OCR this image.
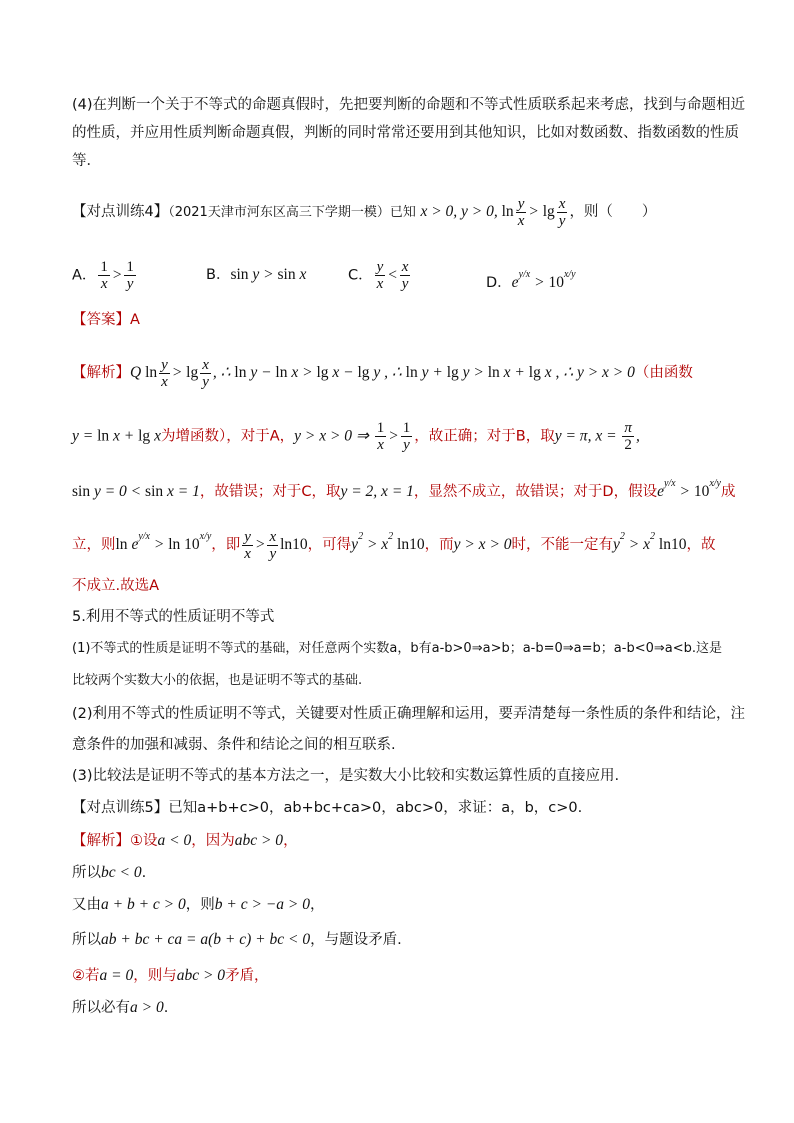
(4)在判断一个关于不等式的命题真假时，先把要判断的命题和不等式性质联系起来考虑，找到与命题相近
的性质，并应用性质判断命题真假，判断的同时常常还要用到其他知识，比如对数函数、指数函数的性质
等．
【对点训练4】（2021天津市河东区高三下学期一模）已知 x > 0, y > 0, $\ln \frac{y}{x} > \lg \frac{x}{y}$ ，则（　　）
A． $\frac{1}{x} > \frac{1}{y}$	B．sin y > sin x	C． $\frac{y}{x} < \frac{x}{y}$	D．$e^{y/x} > 10^{x/y}$
【答案】A
【解析】Q $\ln \frac{y}{x} > \lg \frac{x}{y}$ , ∴ ln y − ln x > lg x − lg y , ∴ ln y + lg y > ln x + lg x , ∴ y > x > 0（由函数
y = ln x + lg x为增函数），对于A，y > x > 0 ⇒ $\frac{1}{x} > \frac{1}{y}$ ，故正确；对于B，取y = π, $x = \frac{\pi}{2}$ ,
sin y = 0 < sin x = 1，故错误；对于C，取y = 2, x = 1，显然不成立，故错误；对于D，假设$e^{y/x} > 10^{x/y}$成
立，则$\ln e^{y/x} > \ln 10^{x/y}$，即 $\frac{y}{x} > \frac{x}{y} \ln 10$，可得$y^2 > x^2$ ln10，而y > x > 0时，不能一定有$y^2 > x^2$ ln10，故
不成立.故选A
5.利用不等式的性质证明不等式
(1)不等式的性质是证明不等式的基础，对任意两个实数a，b有a-b>0⇒a>b；a-b=0⇒a=b；a-b<0⇒a<b.这是
比较两个实数大小的依据，也是证明不等式的基础.
(2)利用不等式的性质证明不等式，关键要对性质正确理解和运用，要弄清楚每一条性质的条件和结论，注
意条件的加强和减弱、条件和结论之间的相互联系.
(3)比较法是证明不等式的基本方法之一，是实数大小比较和实数运算性质的直接应用.
【对点训练5】已知a+b+c>0，ab+bc+ca>0，abc>0，求证：a，b，c>0.
【解析】①设a < 0，因为abc > 0，
所以bc < 0.
又由a + b + c > 0，则b + c > −a > 0，
所以ab + bc + ca = a(b + c) + bc < 0，与题设矛盾.
②若a = 0，则与abc > 0矛盾，
所以必有a > 0.
